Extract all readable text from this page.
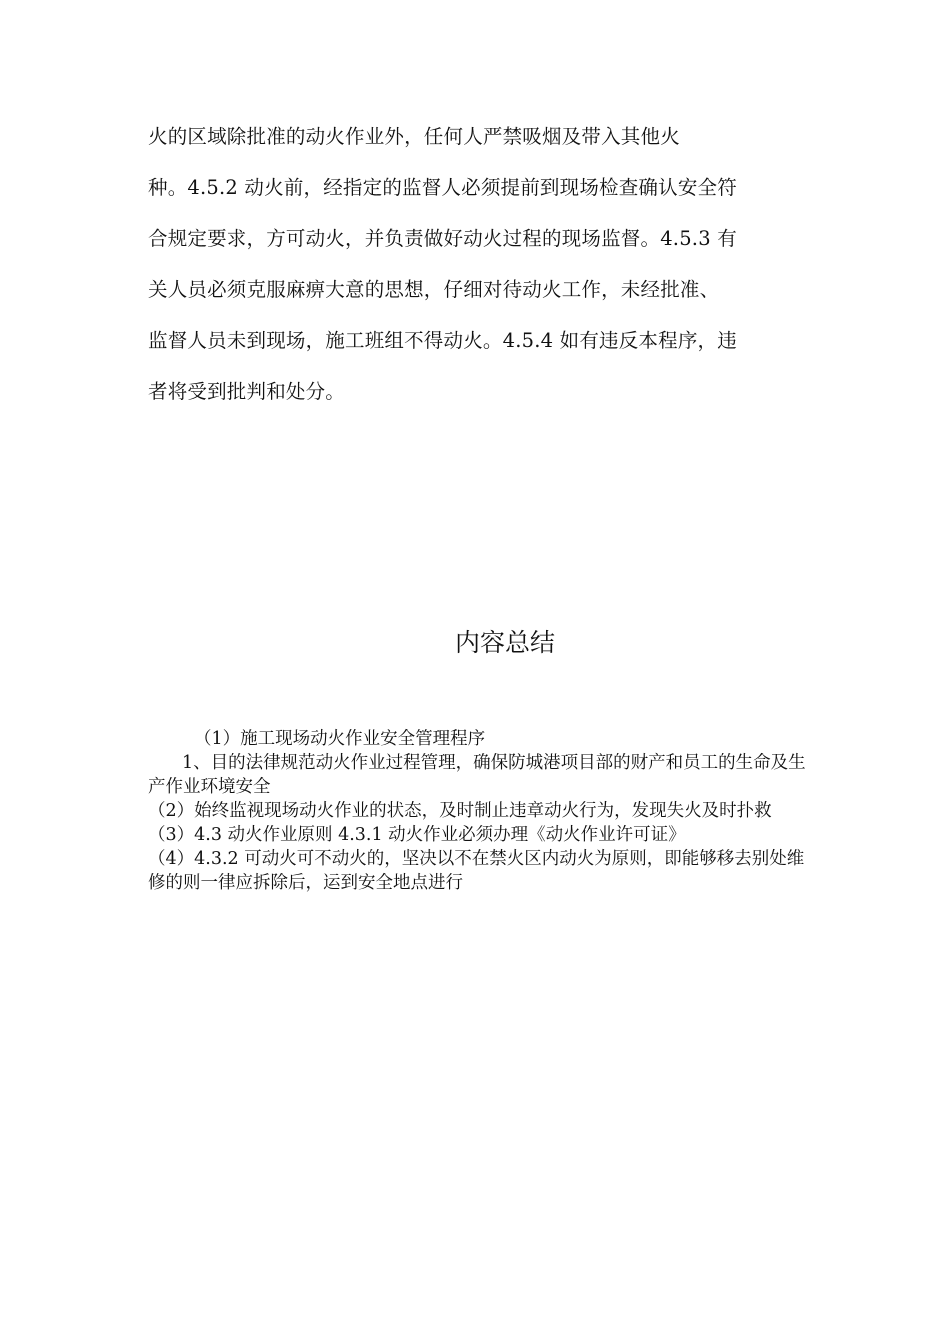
火的区域除批准的动火作业外，任何人严禁吸烟及带入其他火
种。4.5.2 动火前，经指定的监督人必须提前到现场检查确认安全符
合规定要求，方可动火，并负责做好动火过程的现场监督。4.5.3 有
关人员必须克服麻痹大意的思想，仔细对待动火工作，未经批准、
监督人员未到现场，施工班组不得动火。4.5.4 如有违反本程序，违
者将受到批判和处分。
内容总结

（1）施工现场动火作业安全管理程序

1、目的法律规范动火作业过程管理，确保防城港项目部的财产和员工的生命及生产作业环境安全

（2）始终监视现场动火作业的状态，及时制止违章动火行为，发现失火及时扑救

（3）4.3 动火作业原则 4.3.1 动火作业必须办理《动火作业许可证》

（4）4.3.2 可动火可不动火的，坚决以不在禁火区内动火为原则，即能够移去别处维修的则一律应拆除后，运到安全地点进行
